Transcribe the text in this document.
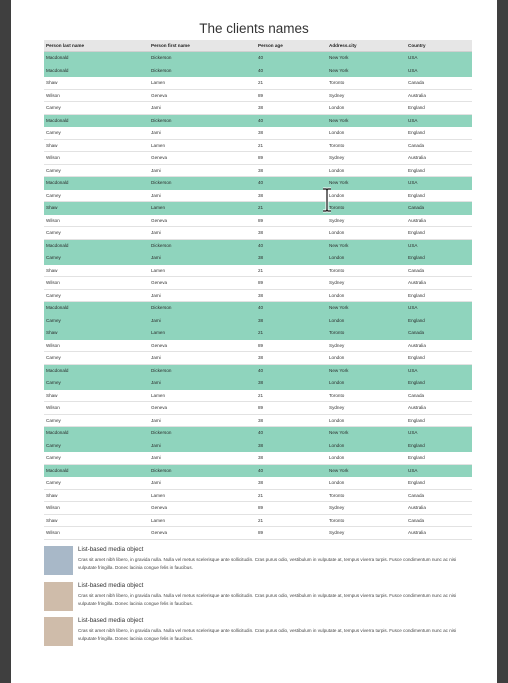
The clients names
Person last name	Person first name	Person age	Address.city	Country
Macdonald	Dickerson	40	New York	USA
Macdonald	Dickerson	40	New York	USA
Shaw	Lamen	21	Toronto	Canada
Wilson	Geneva	89	Sydney	Australia
Carney	Jami	38	London	England
Macdonald	Dickerson	40	New York	USA
Carney	Jami	38	London	England
Shaw	Lamen	21	Toronto	Canada
Wilson	Geneva	89	Sydney	Australia
Carney	Jami	38	London	England
Macdonald	Dickerson	40	New York	USA
Carney	Jami	38	London	England
Shaw	Lamen	21	Toronto	Canada
Wilson	Geneva	89	Sydney	Australia
Carney	Jami	38	London	England
Macdonald	Dickerson	40	New York	USA
Carney	Jami	38	London	England
Shaw	Lamen	21	Toronto	Canada
Wilson	Geneva	89	Sydney	Australia
Carney	Jami	38	London	England
Macdonald	Dickerson	40	New York	USA
Carney	Jami	38	London	England
Shaw	Lamen	21	Toronto	Canada
Wilson	Geneva	89	Sydney	Australia
Carney	Jami	38	London	England
Macdonald	Dickerson	40	New York	USA
Carney	Jami	38	London	England
Shaw	Lamen	21	Toronto	Canada
Wilson	Geneva	89	Sydney	Australia
Carney	Jami	38	London	England
Macdonald	Dickerson	40	New York	USA
Carney	Jami	38	London	England
Carney	Jami	38	London	England
Macdonald	Dickerson	40	New York	USA
Carney	Jami	38	London	England
Shaw	Lamen	21	Toronto	Canada
Wilson	Geneva	89	Sydney	Australia
Shaw	Lamen	21	Toronto	Canada
Wilson	Geneva	89	Sydney	Australia
List-based media object
Cras sit amet nibh libero, in gravida nulla. Nulla vel metus scelerisque ante sollicitudin. Cras purus odio, vestibulum in vulputate at, tempus viverra turpis. Fusce condimentum nunc ac nisi vulputate fringilla. Donec lacinia congue felis in faucibus.
List-based media object
Cras sit amet nibh libero, in gravida nulla. Nulla vel metus scelerisque ante sollicitudin. Cras purus odio, vestibulum in vulputate at, tempus viverra turpis. Fusce condimentum nunc ac nisi vulputate fringilla. Donec lacinia congue felis in faucibus.
List-based media object
Cras sit amet nibh libero, in gravida nulla. Nulla vel metus scelerisque ante sollicitudin. Cras purus odio, vestibulum in vulputate at, tempus viverra turpis. Fusce condimentum nunc ac nisi vulputate fringilla. Donec lacinia congue felis in faucibus.
